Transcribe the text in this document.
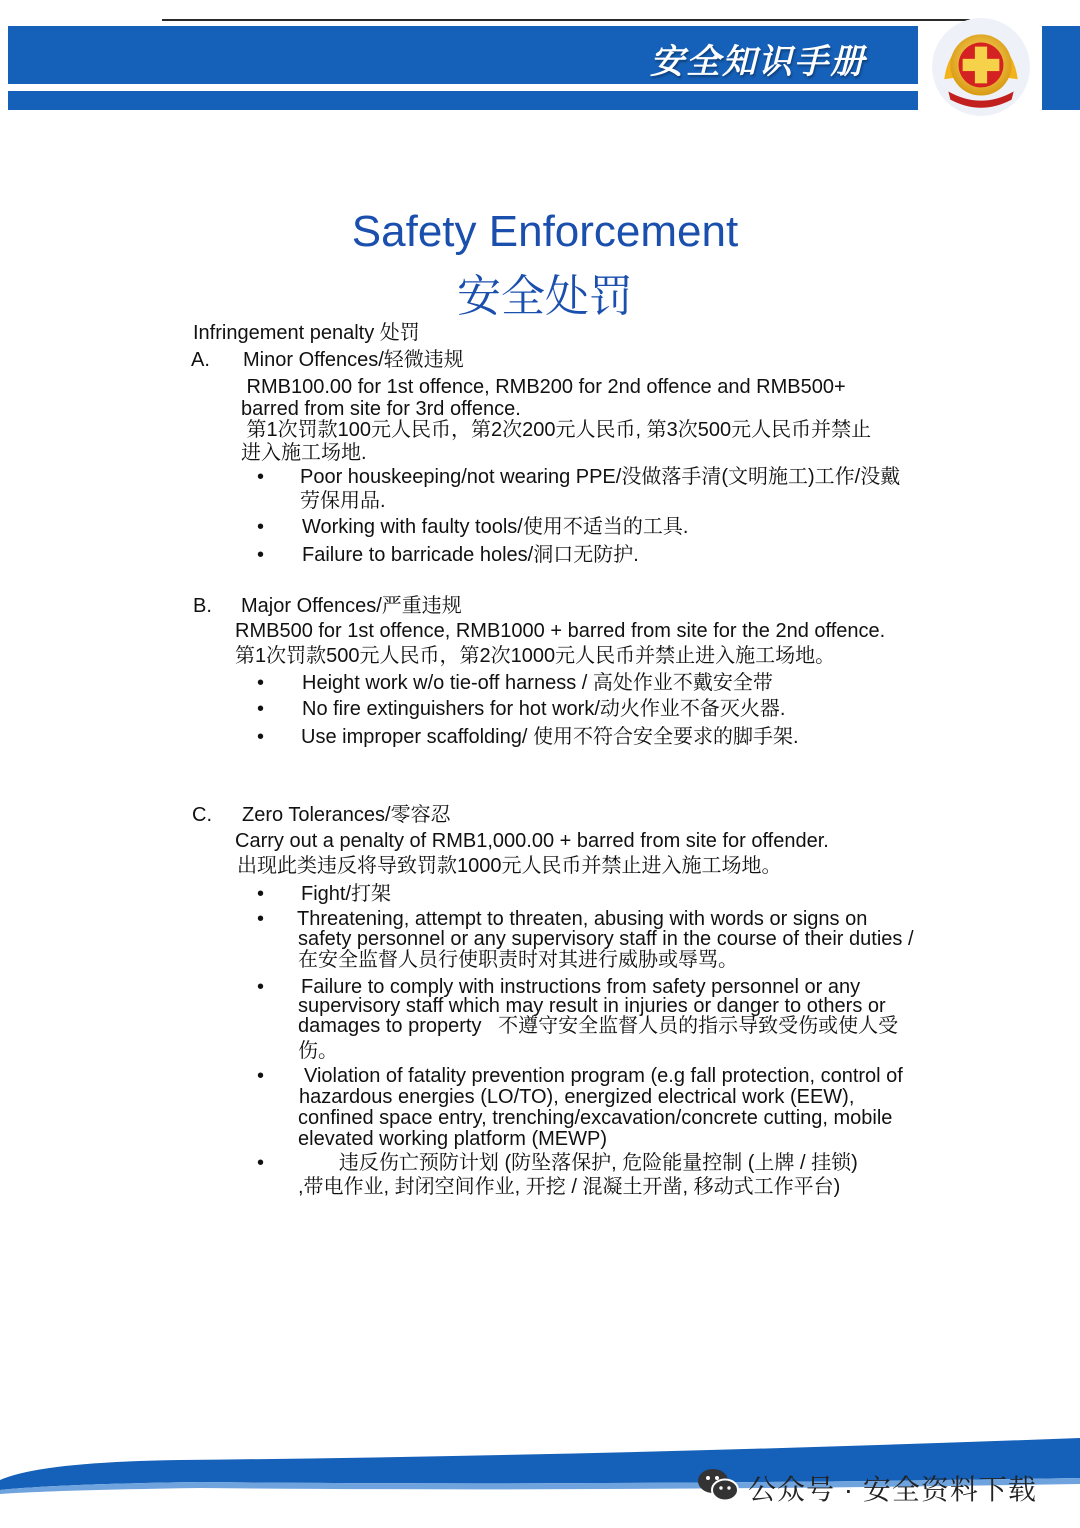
安全知识手册
Safety Enforcement
安全处罚
Infringement penalty 处罚
A. Minor Offences/轻微违规
RMB100.00 for 1st offence, RMB200 for 2nd offence and RMB500+
barred from site for 3rd offence.
第1次罚款100元人民币，第2次200元人民币, 第3次500元人民币并禁止
进入施工场地.
• Poor houskeeping/not wearing PPE/没做落手清(文明施工)工作/没戴
劳保用品.
• Working with faulty tools/使用不适当的工具.
• Failure to barricade holes/洞口无防护.
B. Major Offences/严重违规
RMB500 for 1st offence, RMB1000 + barred from site for the 2nd offence.
第1次罚款500元人民币，第2次1000元人民币并禁止进入施工场地。
• Height work w/o tie-off harness / 高处作业不戴安全带
• No fire extinguishers for hot work/动火作业不备灭火器.
• Use improper scaffolding/ 使用不符合安全要求的脚手架.
C. Zero Tolerances/零容忍
Carry out a penalty of RMB1,000.00 + barred from site for offender.
出现此类违反将导致罚款1000元人民币并禁止进入施工场地。
• Fight/打架
• Threatening, attempt to threaten, abusing with words or signs on
safety personnel or any supervisory staff in the course of their duties /
在安全监督人员行使职责时对其进行威胁或辱骂。
• Failure to comply with instructions from safety personnel or any
supervisory staff which may result in injuries or danger to others or
damages to property   不遵守安全监督人员的指示导致受伤或使人受
伤。
• Violation of fatality prevention program (e.g fall protection, control of
hazardous energies (LO/TO), energized electrical work (EEW),
confined space entry, trenching/excavation/concrete cutting, mobile
elevated working platform (MEWP)
• 违反伤亡预防计划 (防坠落保护, 危险能量控制 (上牌 / 挂锁)
,带电作业, 封闭空间作业, 开挖 / 混凝土开凿, 移动式工作平台)
公众号 · 安全资料下载
